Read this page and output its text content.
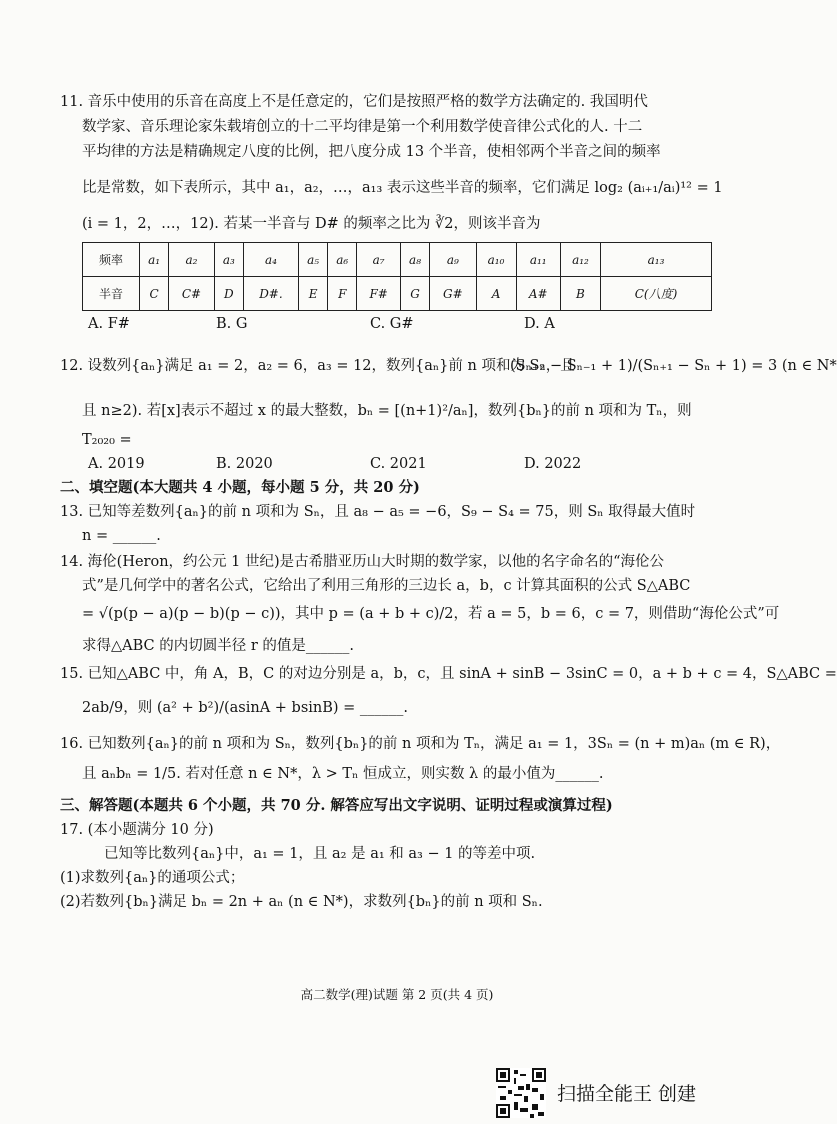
11. 音乐中使用的乐音在高度上不是任意定的，它们是按照严格的数学方法确定的. 我国明代
数学家、音乐理论家朱载堉创立的十二平均律是第一个利用数学使音律公式化的人. 十二
平均律的方法是精确规定八度的比例，把八度分成 13 个半音，使相邻两个半音之间的频率
比是常数，如下表所示，其中 a₁，a₂，…，a₁₃ 表示这些半音的频率，它们满足 log₂ (aᵢ₊₁/aᵢ)¹² = 1
(i = 1，2，…，12). 若某一半音与 D# 的频率之比为 ∛2，则该半音为
频率	a₁	a₂	a₃	a₄	a₅	a₆	a₇	a₈	a₉	a₁₀	a₁₁	a₁₂	a₁₃
半音	C	C#	D	D#.	E	F	F#	G	G#	A	A#	B	C(八度)
A. F#	B. G	C. G#	D. A
12. 设数列{aₙ}满足 a₁ = 2，a₂ = 6，a₃ = 12，数列{aₙ}前 n 项和为 Sₙ，且
(Sₙ₊₂ − Sₙ₋₁ + 1)/(Sₙ₊₁ − Sₙ + 1) = 3 (n ∈ N*
且 n≥2). 若[x]表示不超过 x 的最大整数，bₙ = [(n+1)²/aₙ]，数列{bₙ}的前 n 项和为 Tₙ，则
T₂₀₂₀ =
A. 2019	B. 2020	C. 2021	D. 2022
二、填空题(本大题共 4 小题，每小题 5 分，共 20 分)
13. 已知等差数列{aₙ}的前 n 项和为 Sₙ，且 a₈ − a₅ = −6，S₉ − S₄ = 75，则 Sₙ 取得最大值时
n = ______.
14. 海伦(Heron，约公元 1 世纪)是古希腊亚历山大时期的数学家，以他的名字命名的“海伦公
式”是几何学中的著名公式，它给出了利用三角形的三边长 a，b，c 计算其面积的公式 S△ABC
= √(p(p − a)(p − b)(p − c))，其中 p = (a + b + c)/2，若 a = 5，b = 6，c = 7，则借助“海伦公式”可
求得△ABC 的内切圆半径 r 的值是______.
15. 已知△ABC 中，角 A，B，C 的对边分别是 a，b，c，且 sinA + sinB − 3sinC = 0，a + b + c = 4，S△ABC =
2ab/9，则 (a² + b²)/(asinA + bsinB) = ______.
16. 已知数列{aₙ}的前 n 项和为 Sₙ，数列{bₙ}的前 n 项和为 Tₙ，满足 a₁ = 1，3Sₙ = (n + m)aₙ (m ∈ R)，
且 aₙbₙ = 1/5. 若对任意 n ∈ N*，λ > Tₙ 恒成立，则实数 λ 的最小值为______.
三、解答题(本题共 6 个小题，共 70 分. 解答应写出文字说明、证明过程或演算过程)
17. (本小题满分 10 分)
已知等比数列{aₙ}中，a₁ = 1，且 a₂ 是 a₁ 和 a₃ − 1 的等差中项.
(1)求数列{aₙ}的通项公式；
(2)若数列{bₙ}满足 bₙ = 2n + aₙ (n ∈ N*)，求数列{bₙ}的前 n 项和 Sₙ.
高二数学(理)试题 第 2 页(共 4 页)
扫描全能王 创建
